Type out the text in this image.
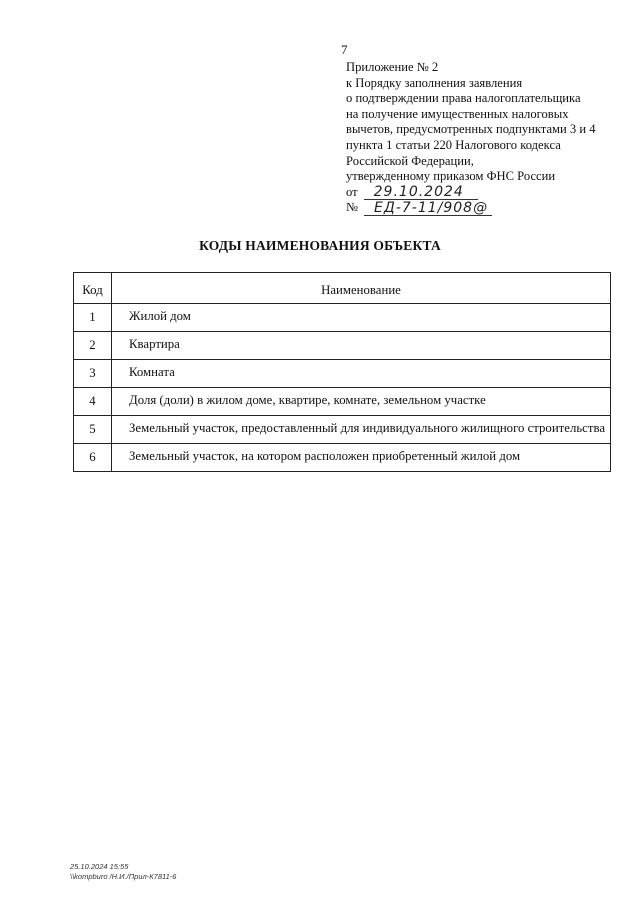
7
Приложение № 2
к Порядку заполнения заявления
о подтверждении права налогоплательщика
на получение имущественных налоговых
вычетов, предусмотренных подпунктами 3 и 4
пункта 1 статьи 220 Налогового кодекса
Российской Федерации,
утвержденному приказом ФНС России
от	29.10.2024
№	ЕД-7-11/908@
КОДЫ НАИМЕНОВАНИЯ ОБЪЕКТА
Код	Наименование
1	Жилой дом
2	Квартира
3	Комната
4	Доля (доли) в жилом доме, квартире, комнате, земельном участке
5	Земельный участок, предоставленный для индивидуального жилищного строительства
6	Земельный участок, на котором расположен приобретенный жилой дом
25.10.2024 15:55
\\kompburo /Н.И./Прил-К7811-6
